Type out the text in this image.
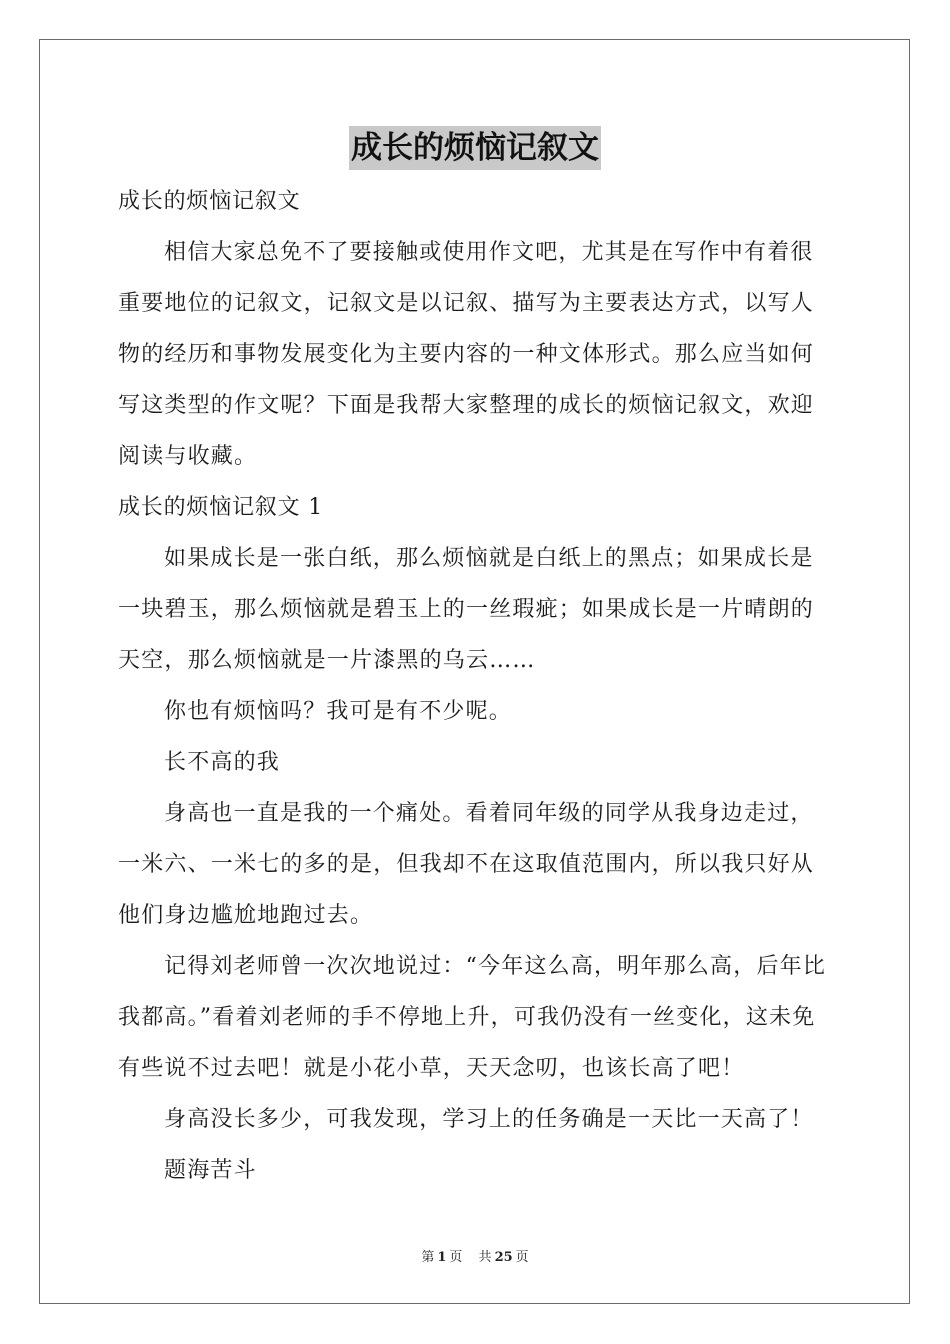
成长的烦恼记叙文

成长的烦恼记叙文

相信大家总免不了要接触或使用作文吧，尤其是在写作中有着很重要地位的记叙文，记叙文是以记叙、描写为主要表达方式，以写人物的经历和事物发展变化为主要内容的一种文体形式。那么应当如何写这类型的作文呢？下面是我帮大家整理的成长的烦恼记叙文，欢迎阅读与收藏。

成长的烦恼记叙文 1

如果成长是一张白纸，那么烦恼就是白纸上的黑点；如果成长是一块碧玉，那么烦恼就是碧玉上的一丝瑕疵；如果成长是一片晴朗的天空，那么烦恼就是一片漆黑的乌云……

你也有烦恼吗？我可是有不少呢。

长不高的我

身高也一直是我的一个痛处。看着同年级的同学从我身边走过，一米六、一米七的多的是，但我却不在这取值范围内，所以我只好从他们身边尴尬地跑过去。

记得刘老师曾一次次地说过：“今年这么高，明年那么高，后年比我都高。”看着刘老师的手不停地上升，可我仍没有一丝变化，这未免有些说不过去吧！就是小花小草，天天念叨，也该长高了吧！

身高没长多少，可我发现，学习上的任务确是一天比一天高了！

题海苦斗

第 1 页 共 25 页
